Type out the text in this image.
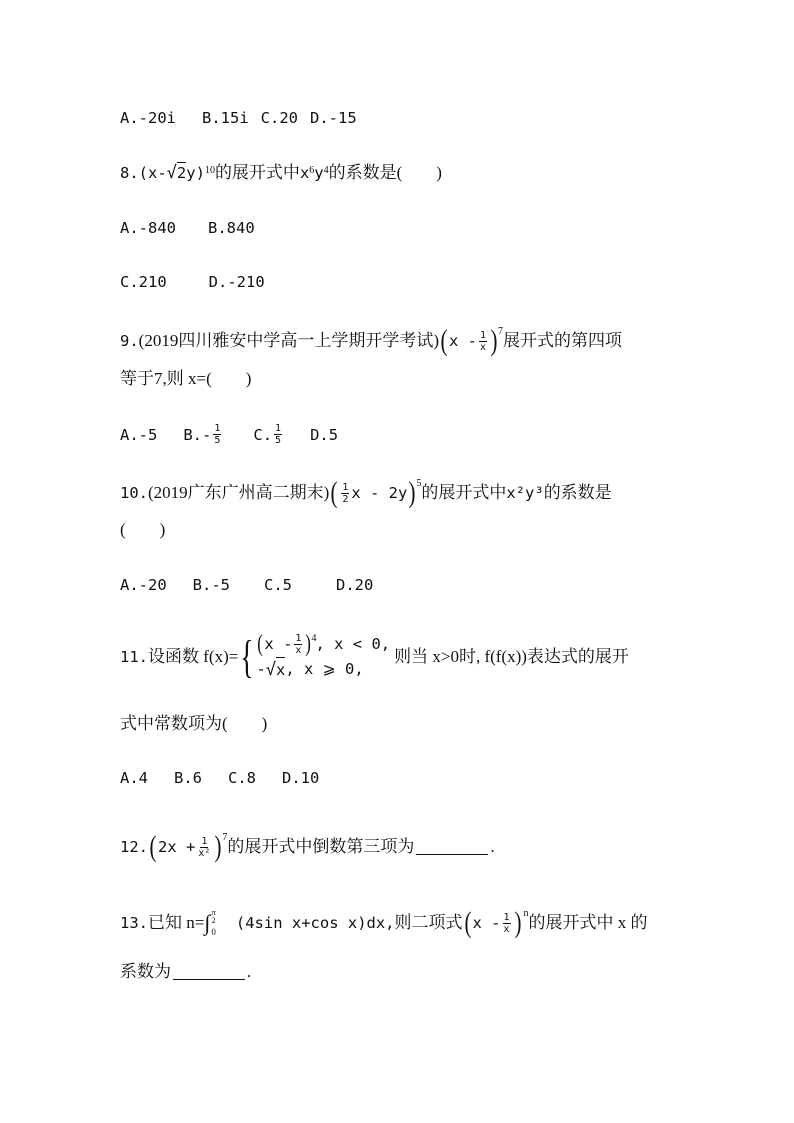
A.-20i B.15i C.20 D.-15
8. (x- √ 2 y)$^{10}$ 的展开式中 $x^6$ $y^4$ 的系数是(　　)
A.-840 B.840
C.210	D.-210
9. (2019四川雅安中学高一上学期开学考试) ( x - $\frac{1}{x}$ ) 7 展开式的第四项
等于7,则 x=(　　)
A.-5 $B.- \frac{1}{5} C$. $\frac{1}{5} D.5$
10. (2019广东广州高二期末) ( $\frac{1}{2}$ x - 2y ) 5 的展开式中 x²y³ 的系数是
(　　)
A.-20 B.-5 C.5	D.20
11. 设函数 f(x)= { ( x - $\frac{1}{x}$ ) 4 , x < 0,
- √ x , x ⩾ 0,
则当 x>0时, f(f(x))表达式的展开
式中常数项为(　　)
A.4 B.6 C.8 D.10
12. ( $2x + \frac{1}{\text{x²}}$ ) 7 的展开式中倒数第三项为	.
13. 已知 n= ∫ π
2
0 (4sin x+cos x)dx, 则二项式 ( x - $\frac{1}{x}$ ) n 的展开式中 x 的
系数为	.
